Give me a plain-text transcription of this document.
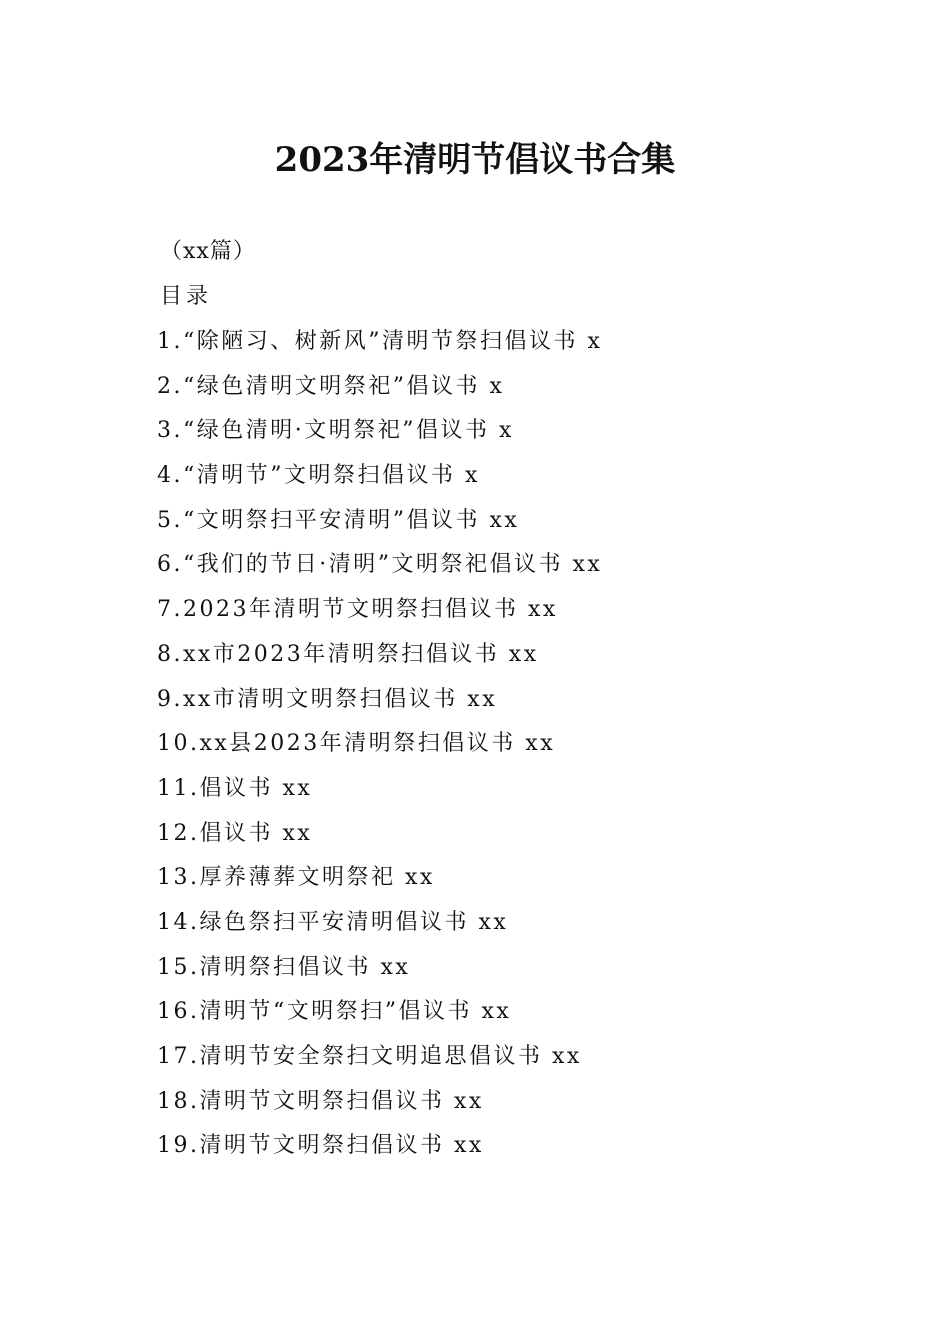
2023年清明节倡议书合集
（xx篇）
目录
1.“除陋习、树新风”清明节祭扫倡议书 x
2.“绿色清明文明祭祀”倡议书 x
3.“绿色清明·文明祭祀”倡议书 x
4.“清明节”文明祭扫倡议书 x
5.“文明祭扫平安清明”倡议书 xx
6.“我们的节日·清明”文明祭祀倡议书 xx
7.2023年清明节文明祭扫倡议书 xx
8.xx市2023年清明祭扫倡议书 xx
9.xx市清明文明祭扫倡议书 xx
10.xx县2023年清明祭扫倡议书 xx
11.倡议书 xx
12.倡议书 xx
13.厚养薄葬文明祭祀 xx
14.绿色祭扫平安清明倡议书 xx
15.清明祭扫倡议书 xx
16.清明节“文明祭扫”倡议书 xx
17.清明节安全祭扫文明追思倡议书 xx
18.清明节文明祭扫倡议书 xx
19.清明节文明祭扫倡议书 xx
